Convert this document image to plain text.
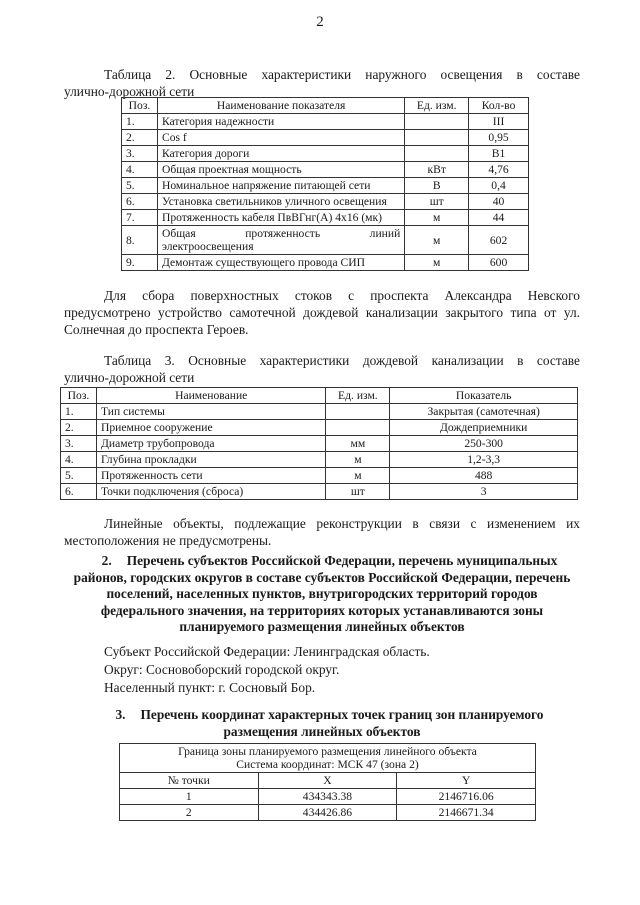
2
Таблица 2. Основные характеристики наружного освещения в составе
улично-дорожной сети
Поз.	Наименование показателя	Ед. изм.	Кол-во
1.	Категория надежности		III
2.	Cos f		0,95
3.	Категория дороги		В1
4.	Общая проектная мощность	кВт	4,76
5.	Номинальное напряжение питающей сети	В	0,4
6.	Установка светильников уличного освещения	шт	40
7.	Протяженность кабеля ПвВГнг(А) 4х16 (мк)	м	44
8.	Общая протяженность линий электроосвещения	м	602
9.	Демонтаж существующего провода СИП	м	600
Для сбора поверхностных стоков с проспекта Александра Невского предусмотрено устройство самотечной дождевой канализации закрытого типа от ул. Солнечная до проспекта Героев.
Таблица 3. Основные характеристики дождевой канализации в составе
улично-дорожной сети
Поз.	Наименование	Ед. изм.	Показатель
1.	Тип системы		Закрытая (самотечная)
2.	Приемное сооружение		Дождеприемники
3.	Диаметр трубопровода	мм	250-300
4.	Глубина прокладки	м	1,2-3,3
5.	Протяженность сети	м	488
6.	Точки подключения (сброса)	шт	3
Линейные объекты, подлежащие реконструкции в связи с изменением их местоположения не предусмотрены.
2. Перечень субъектов Российской Федерации, перечень муниципальных районов, городских округов в составе субъектов Российской Федерации, перечень поселений, населенных пунктов, внутригородских территорий городов федерального значения, на территориях которых устанавливаются зоны планируемого размещения линейных объектов
Субъект Российской Федерации: Ленинградская область.
Округ: Сосновоборский городской округ.
Населенный пункт: г. Сосновый Бор.
3. Перечень координат характерных точек границ зон планируемого размещения линейных объектов
Граница зоны планируемого размещения линейного объекта
Система координат: МСК 47 (зона 2)		

№ точки	X	Y
1	434343.38	2146716.06
2	434426.86	2146671.34
